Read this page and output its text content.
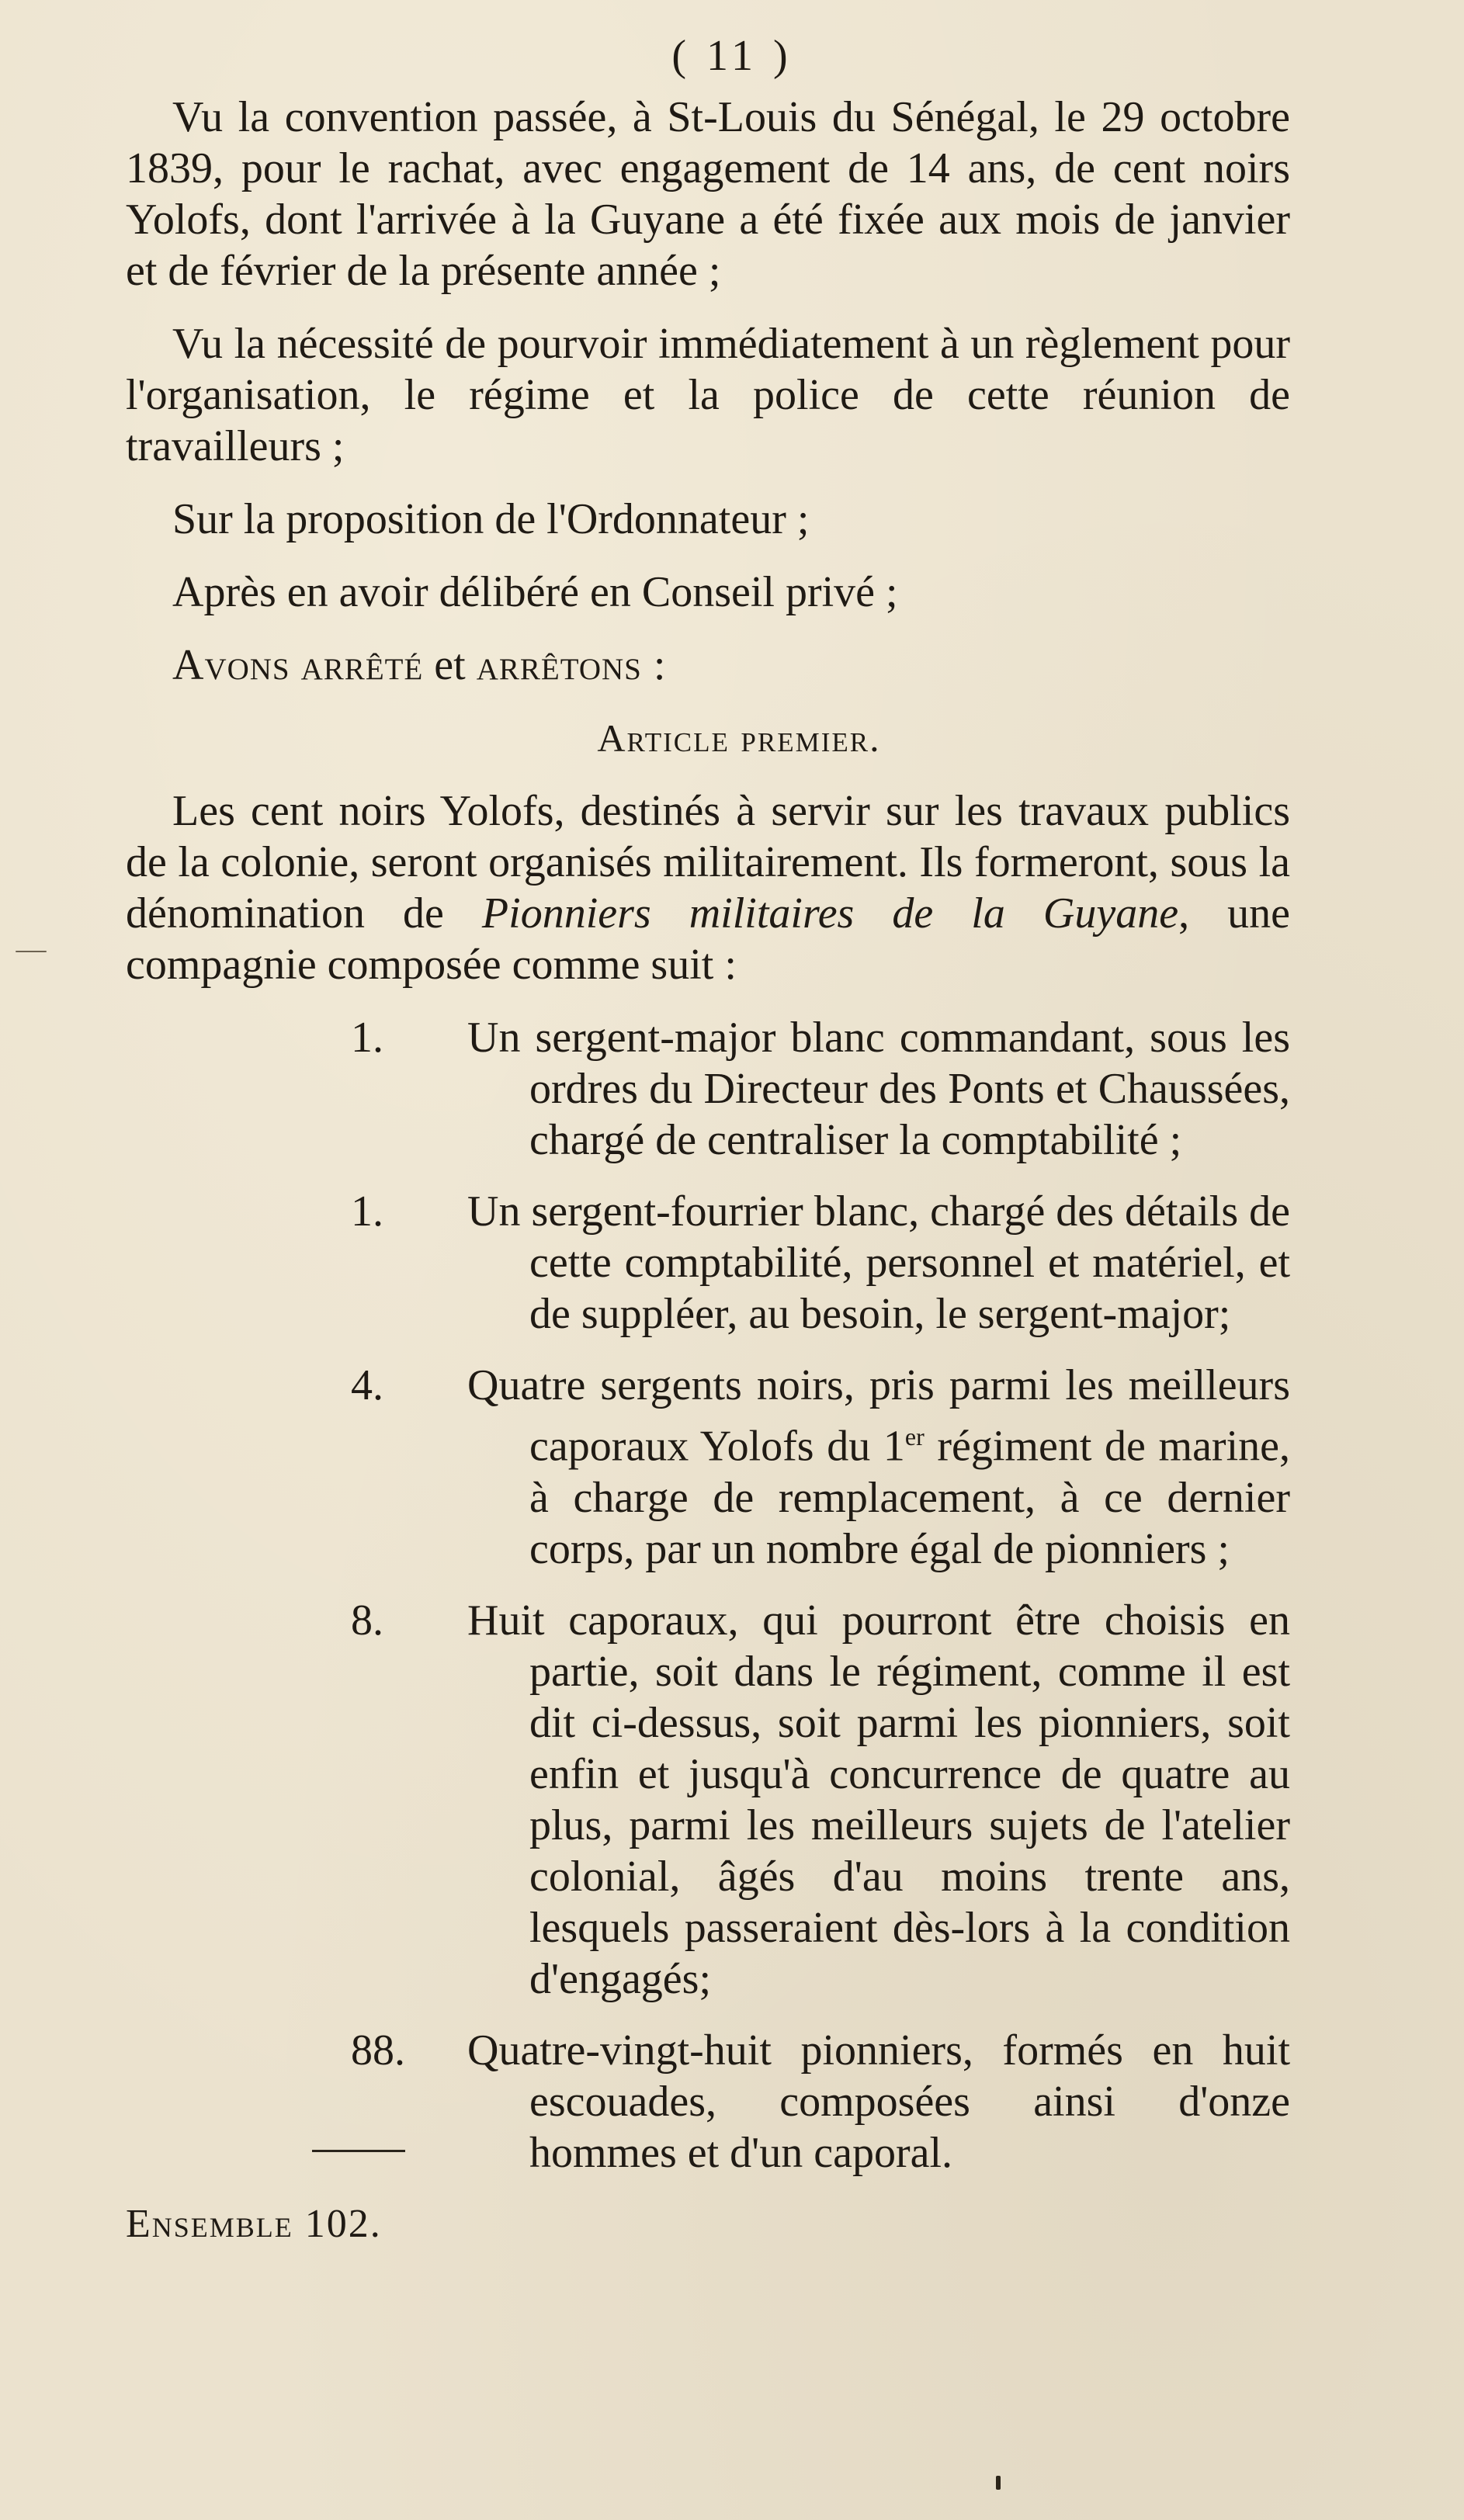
( 11 )

Vu la convention passée, à St-Louis du Sénégal, le 29 octobre 1839, pour le rachat, avec engagement de 14 ans, de cent noirs Yolofs, dont l'arrivée à la Guyane a été fixée aux mois de janvier et de février de la présente année ;

Vu la nécessité de pourvoir immédiatement à un règlement pour l'organisation, le régime et la police de cette réunion de travailleurs ;

Sur la proposition de l'Ordonnateur ;

Après en avoir délibéré en Conseil privé ;

Avons arrêté et arrêtons :

Article premier.

Les cent noirs Yolofs, destinés à servir sur les travaux publics de la colonie, seront organisés militairement. Ils formeront, sous la dénomination de Pionniers militaires de la Guyane, une compagnie composée comme suit :

1.	Un sergent-major blanc commandant, sous les ordres du Directeur des Ponts et Chaussées, chargé de centraliser la comptabilité ;
1.	Un sergent-fourrier blanc, chargé des détails de cette comptabilité, personnel et matériel, et de suppléer, au besoin, le sergent-major;
4.	Quatre sergents noirs, pris parmi les meilleurs caporaux Yolofs du 1er régiment de marine, à charge de remplacement, à ce dernier corps, par un nombre égal de pionniers ;
8.	Huit caporaux, qui pourront être choisis en partie, soit dans le régiment, comme il est dit ci-dessus, soit parmi les pionniers, soit enfin et jusqu'à concurrence de quatre au plus, parmi les meilleurs sujets de l'atelier colonial, âgés d'au moins trente ans, lesquels passeraient dès-lors à la condition d'engagés;
88.	Quatre-vingt-huit pionniers, formés en huit escouades, composées ainsi d'onze hommes et d'un caporal.
Ensemble 102.
